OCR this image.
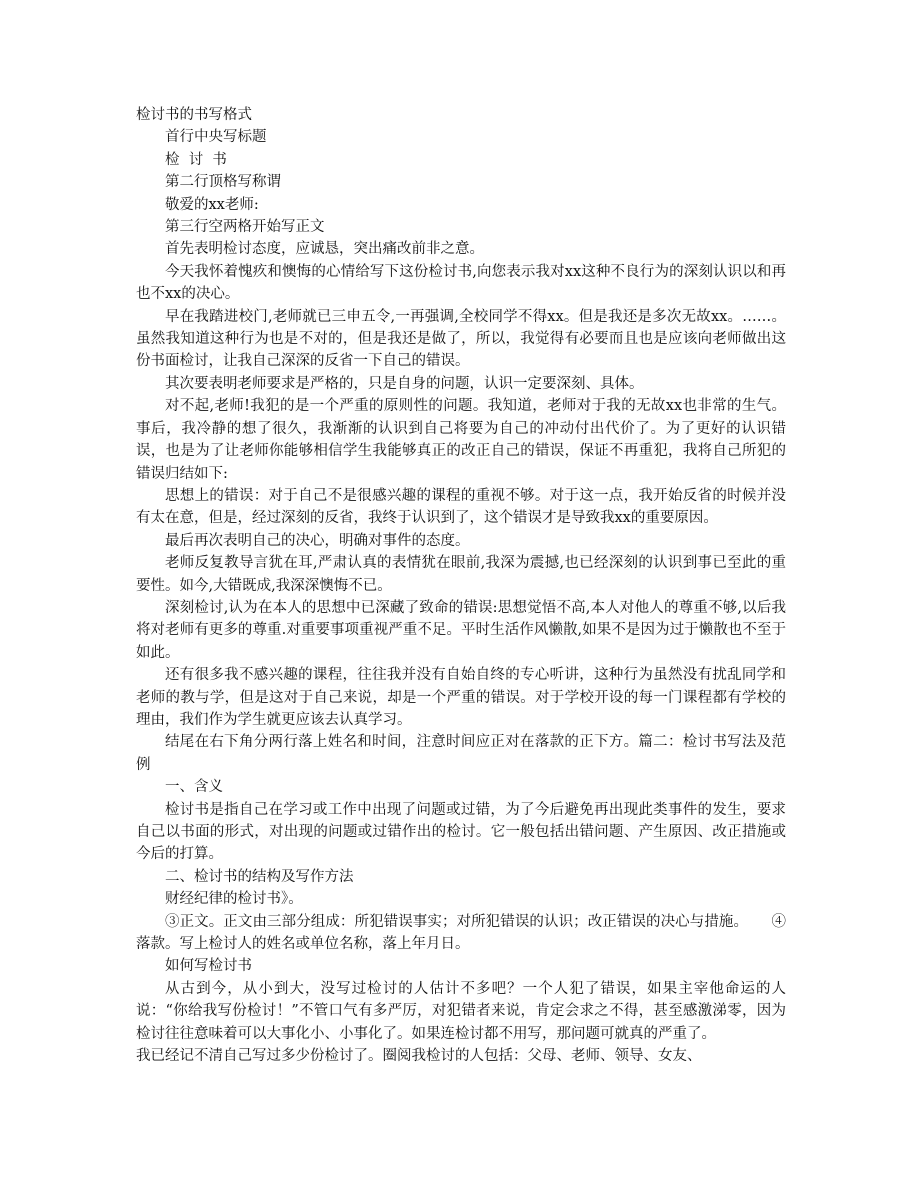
检讨书的书写格式

首行中央写标题

检  讨  书

第二行顶格写称谓

敬爱的xx老师:

第三行空两格开始写正文

首先表明检讨态度，应诚恳，突出痛改前非之意。

今天我怀着愧疚和懊悔的心情给写下这份检讨书,向您表示我对xx这种不良行为的深刻认识以和再也不xx的决心。

早在我踏进校门,老师就已三申五令,一再强调,全校同学不得xx。但是我还是多次无故xx。……。虽然我知道这种行为也是不对的，但是我还是做了，所以，我觉得有必要而且也是应该向老师做出这份书面检讨，让我自己深深的反省一下自己的错误。

其次要表明老师要求是严格的，只是自身的问题，认识一定要深刻、具体。

对不起,老师!我犯的是一个严重的原则性的问题。我知道，老师对于我的无故xx也非常的生气。事后，我冷静的想了很久，我渐渐的认识到自己将要为自己的冲动付出代价了。为了更好的认识错误，也是为了让老师你能够相信学生我能够真正的改正自己的错误，保证不再重犯，我将自己所犯的错误归结如下:

思想上的错误：对于自己不是很感兴趣的课程的重视不够。对于这一点，我开始反省的时候并没有太在意，但是，经过深刻的反省，我终于认识到了，这个错误才是导致我xx的重要原因。

最后再次表明自己的决心，明确对事件的态度。

老师反复教导言犹在耳,严肃认真的表情犹在眼前,我深为震撼,也已经深刻的认识到事已至此的重要性。如今,大错既成,我深深懊悔不已。

深刻检讨,认为在本人的思想中已深藏了致命的错误:思想觉悟不高,本人对他人的尊重不够,以后我将对老师有更多的尊重.对重要事项重视严重不足。平时生活作风懒散,如果不是因为过于懒散也不至于如此。

还有很多我不感兴趣的课程，往往我并没有自始自终的专心听讲，这种行为虽然没有扰乱同学和老师的教与学，但是这对于自己来说，却是一个严重的错误。对于学校开设的每一门课程都有学校的理由，我们作为学生就更应该去认真学习。

结尾在右下角分两行落上姓名和时间，注意时间应正对在落款的正下方。篇二：检讨书写法及范例

一、含义

检讨书是指自己在学习或工作中出现了问题或过错，为了今后避免再出现此类事件的发生，要求自己以书面的形式，对出现的问题或过错作出的检讨。它一般包括出错问题、产生原因、改正措施或今后的打算。

二、检讨书的结构及写作方法

财经纪律的检讨书》。

③正文。正文由三部分组成：所犯错误事实；对所犯错误的认识；改正错误的决心与措施。     ④落款。写上检讨人的姓名或单位名称，落上年月日。

如何写检讨书

从古到今，从小到大，没写过检讨的人估计不多吧？一个人犯了错误，如果主宰他命运的人说：“你给我写份检讨！”不管口气有多严厉，对犯错者来说，肯定会求之不得，甚至感激涕零，因为检讨往往意味着可以大事化小、小事化了。如果连检讨都不用写，那问题可就真的严重了。

我已经记不清自己写过多少份检讨了。圈阅我检讨的人包括：父母、老师、领导、女友、
